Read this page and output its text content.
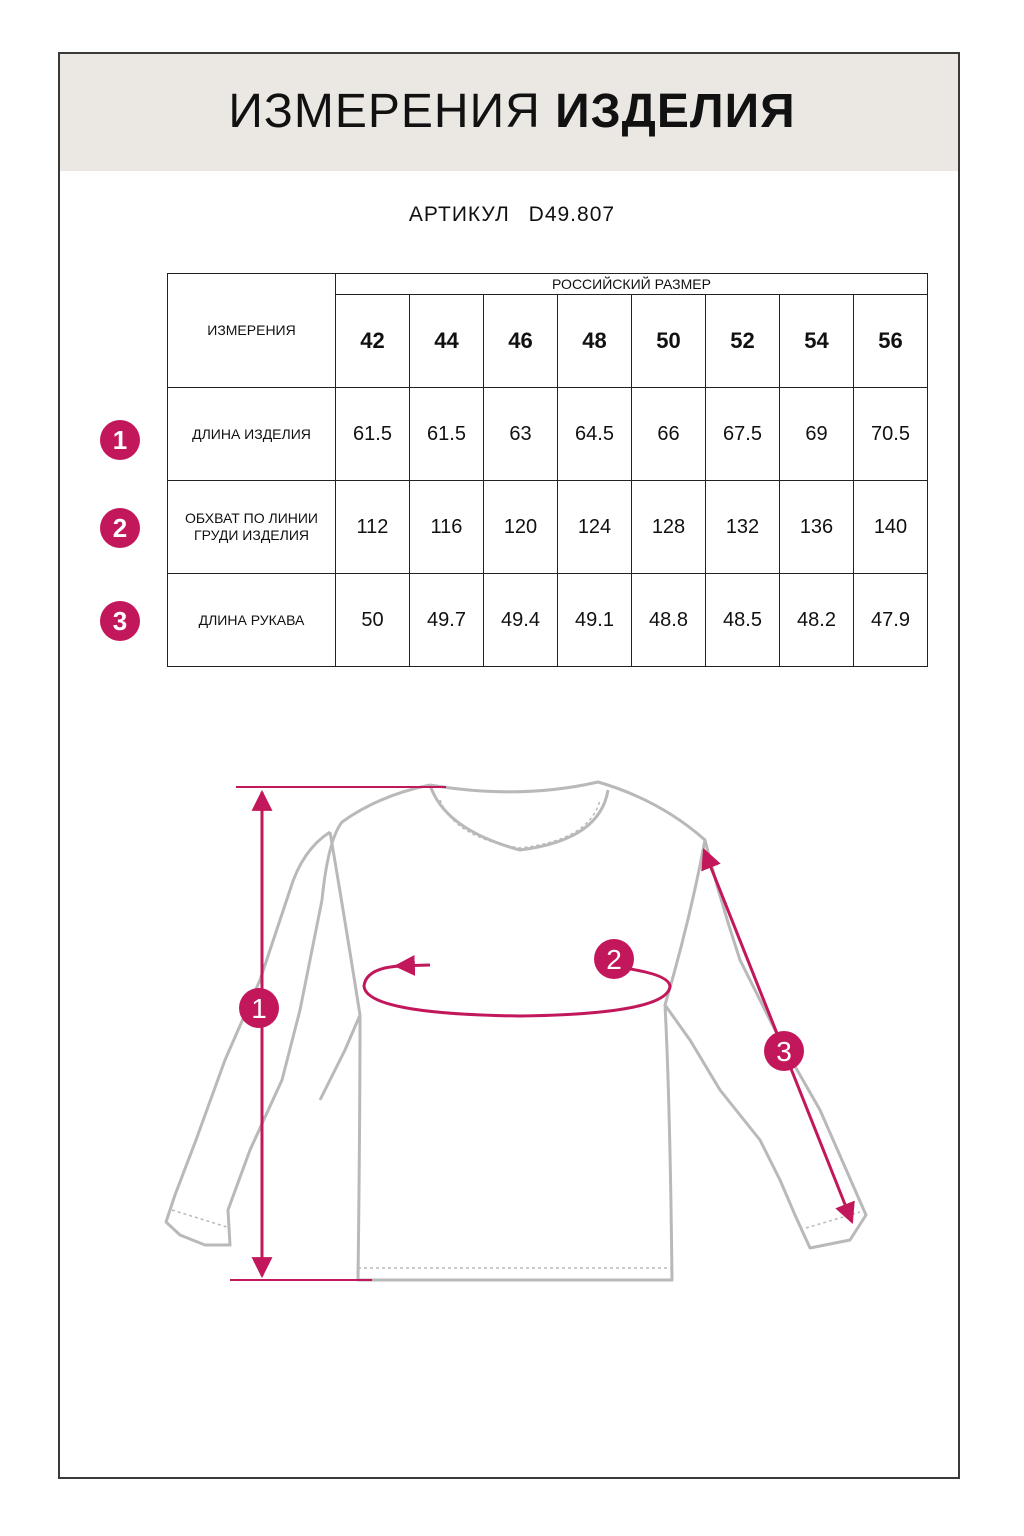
ИЗМЕРЕНИЯ ИЗДЕЛИЯ
АРТИКУЛ D49.807
ИЗМЕРЕНИЯ	РОССИЙСКИЙ РАЗМЕР							
	42	44	46	48	50	52	54	56
ДЛИНА ИЗДЕЛИЯ	61.5	61.5	63	64.5	66	67.5	69	70.5
ОБХВАТ ПО ЛИНИИ ГРУДИ ИЗДЕЛИЯ	112	116	120	124	128	132	136	140
ДЛИНА РУКАВА	50	49.7	49.4	49.1	48.8	48.5	48.2	47.9
1
2
3
1
2
3
